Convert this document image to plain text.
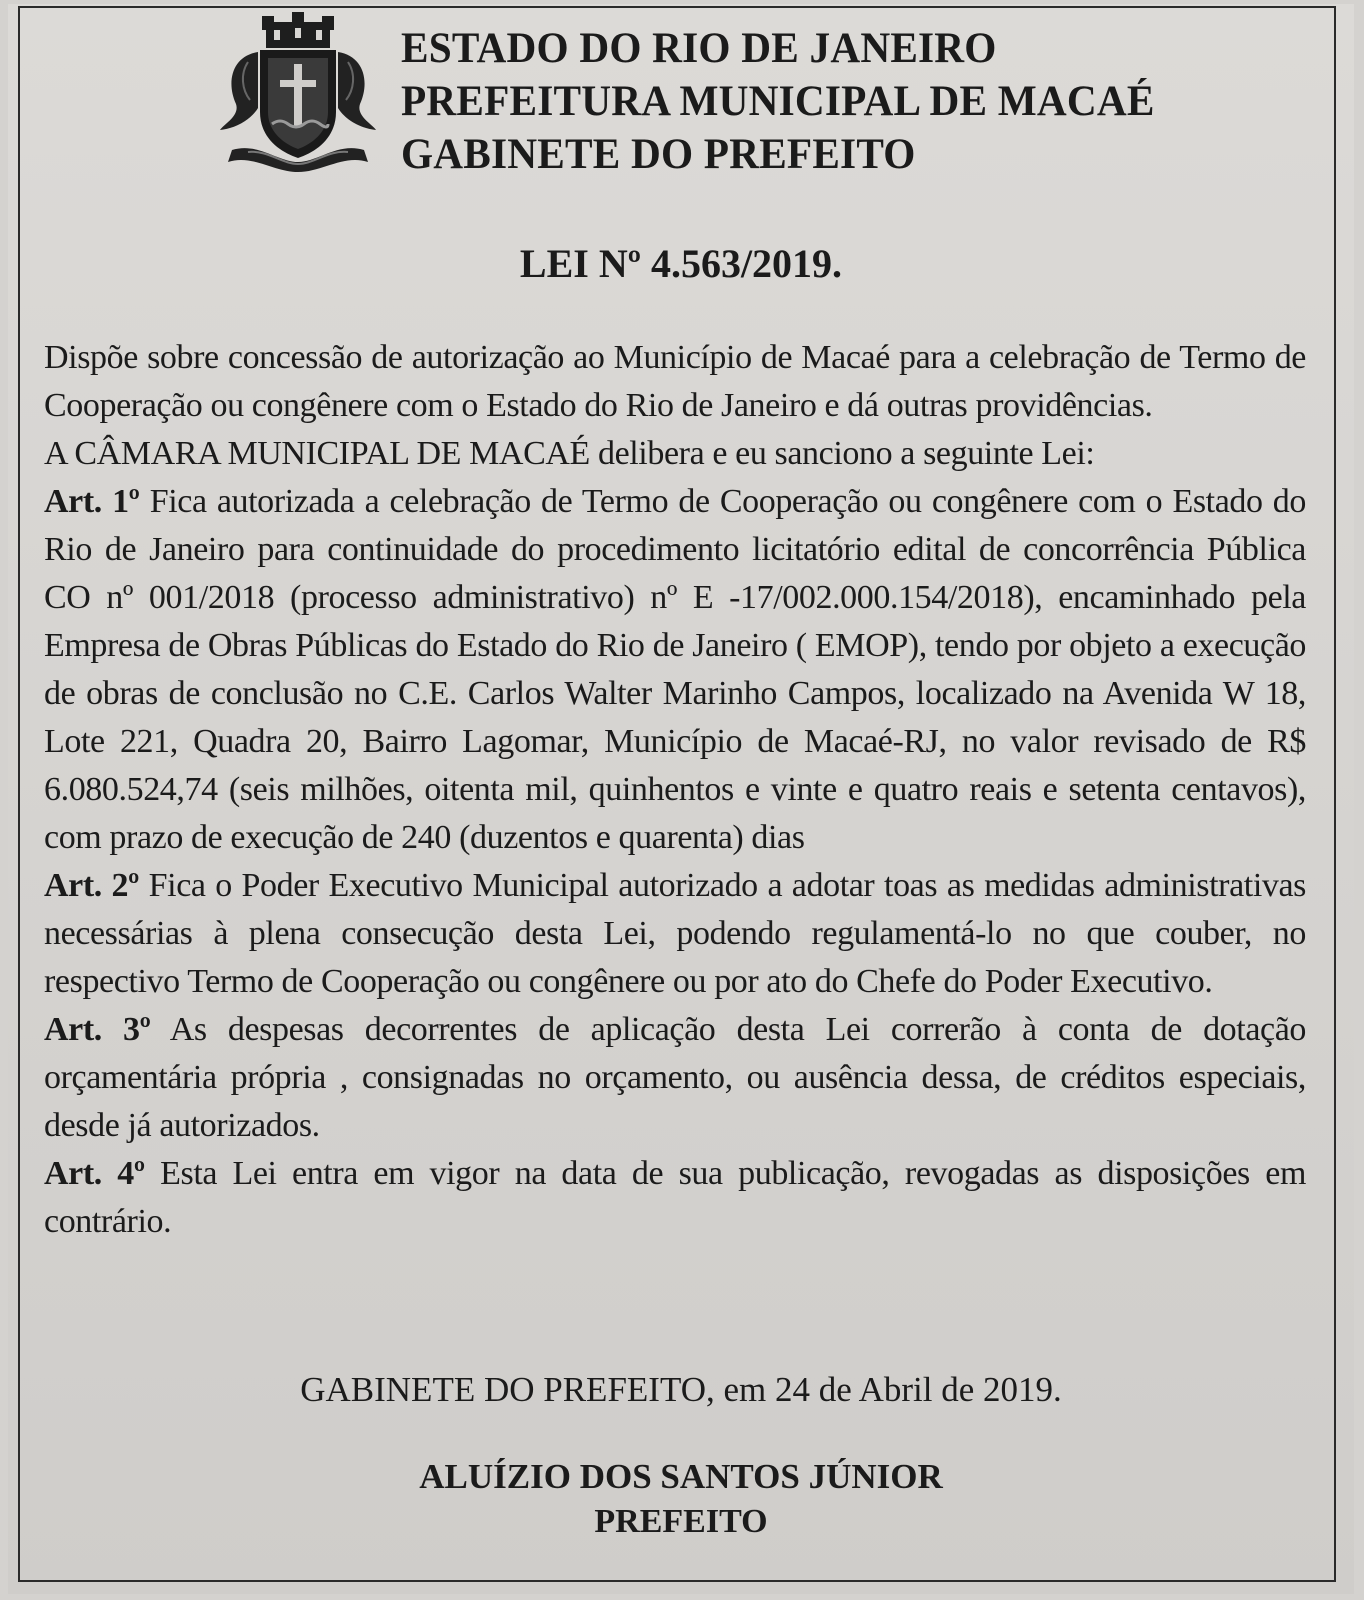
ESTADO DO RIO DE JANEIRO
PREFEITURA MUNICIPAL DE MACAÉ
GABINETE DO PREFEITO
LEI Nº 4.563/2019.

Dispõe sobre concessão de autorização ao Município de Macaé para a celebração de Termo de Cooperação ou congênere com o Estado do Rio de Janeiro e dá outras providências.

A CÂMARA MUNICIPAL DE MACAÉ delibera e eu sanciono a seguinte Lei:

Art. 1º Fica autorizada a celebração de Termo de Cooperação ou congênere com o Estado do Rio de Janeiro para continuidade do procedimento licitatório edital de concorrência Pública CO nº 001/2018 (processo administrativo) nº E -17/002.000.154/2018), encaminhado pela Empresa de Obras Públicas do Estado do Rio de Janeiro ( EMOP), tendo por objeto a execução de obras de conclusão no C.E. Carlos Walter Marinho Campos, localizado na Avenida W 18, Lote 221, Quadra 20, Bairro Lagomar, Município de Macaé-RJ, no valor revisado de R$ 6.080.524,74 (seis milhões, oitenta mil, quinhentos e vinte e quatro reais e setenta centavos), com prazo de execução de 240 (duzentos e quarenta) dias

Art. 2º Fica o Poder Executivo Municipal autorizado a adotar toas as medidas administrativas necessárias à plena consecução desta Lei, podendo regulamentá-lo no que couber, no respectivo Termo de Cooperação ou congênere ou por ato do Chefe do Poder Executivo.

Art. 3º As despesas decorrentes de aplicação desta Lei correrão à conta de dotação orçamentária própria , consignadas no orçamento, ou ausência dessa, de créditos especiais, desde já autorizados.

Art. 4º Esta Lei entra em vigor na data de sua publicação, revogadas as disposições em contrário.

GABINETE DO PREFEITO, em 24 de Abril de 2019.
ALUÍZIO DOS SANTOS JÚNIOR
PREFEITO
